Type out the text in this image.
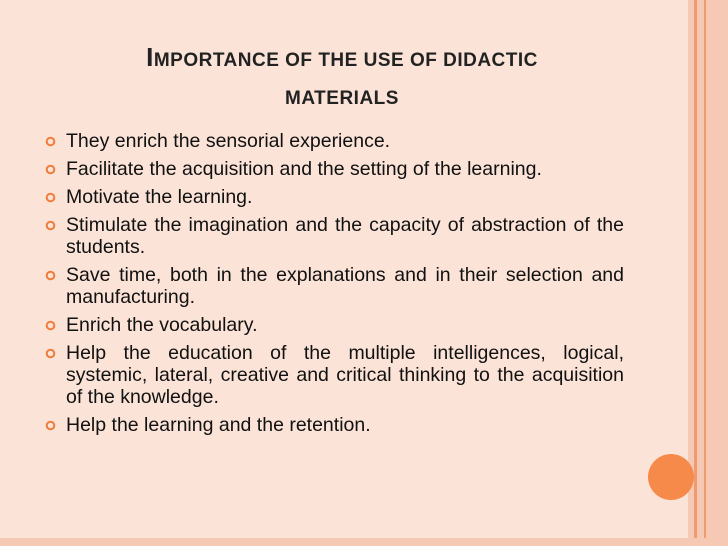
IMPORTANCE OF THE USE OF DIDACTIC
MATERIALS
They enrich the sensorial experience.
Facilitate the acquisition and the setting of the learning.
Motivate the learning.
Stimulate the imagination and the capacity of abstraction of the students.
Save time, both in the explanations and in their selection and manufacturing.
Enrich the vocabulary.
Help the education of the multiple intelligences, logical, systemic, lateral, creative and critical thinking to the acquisition of the knowledge.
Help the learning and the retention.
